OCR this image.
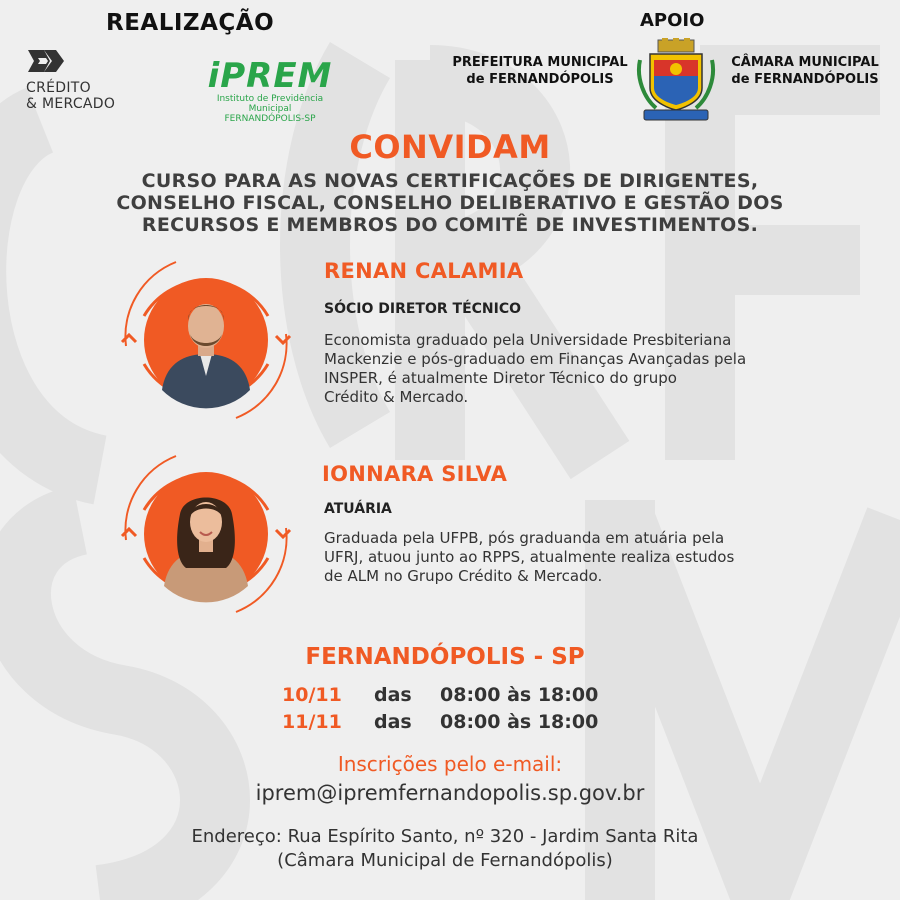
REALIZAÇÃO	APOIO
CRÉDITO
& MERCADO
iPREM
Instituto de Previdência Municipal
FERNANDÓPOLIS-SP
PREFEITURA MUNICIPAL
de FERNANDÓPOLIS
CÂMARA MUNICIPAL
de FERNANDÓPOLIS
CONVIDAM
CURSO PARA AS NOVAS CERTIFICAÇÕES DE DIRIGENTES,
CONSELHO FISCAL, CONSELHO DELIBERATIVO E GESTÃO DOS
RECURSOS E MEMBROS DO COMITÊ DE INVESTIMENTOS.
RENAN CALAMIA
SÓCIO DIRETOR TÉCNICO
Economista graduado pela Universidade Presbiteriana
Mackenzie e pós-graduado em Finanças Avançadas pela
INSPER, é atualmente Diretor Técnico do grupo
Crédito & Mercado.
IONNARA SILVA
ATUÁRIA
Graduada pela UFPB, pós graduanda em atuária pela
UFRJ, atuou junto ao RPPS, atualmente realiza estudos
de ALM no Grupo Crédito & Mercado.
FERNANDÓPOLIS - SP
10/11 das 08:00 às 18:00
11/11 das 08:00 às 18:00
Inscrições pelo e-mail:
iprem@ipremfernandopolis.sp.gov.br
Endereço: Rua Espírito Santo, nº 320 - Jardim Santa Rita
(Câmara Municipal de Fernandópolis)
